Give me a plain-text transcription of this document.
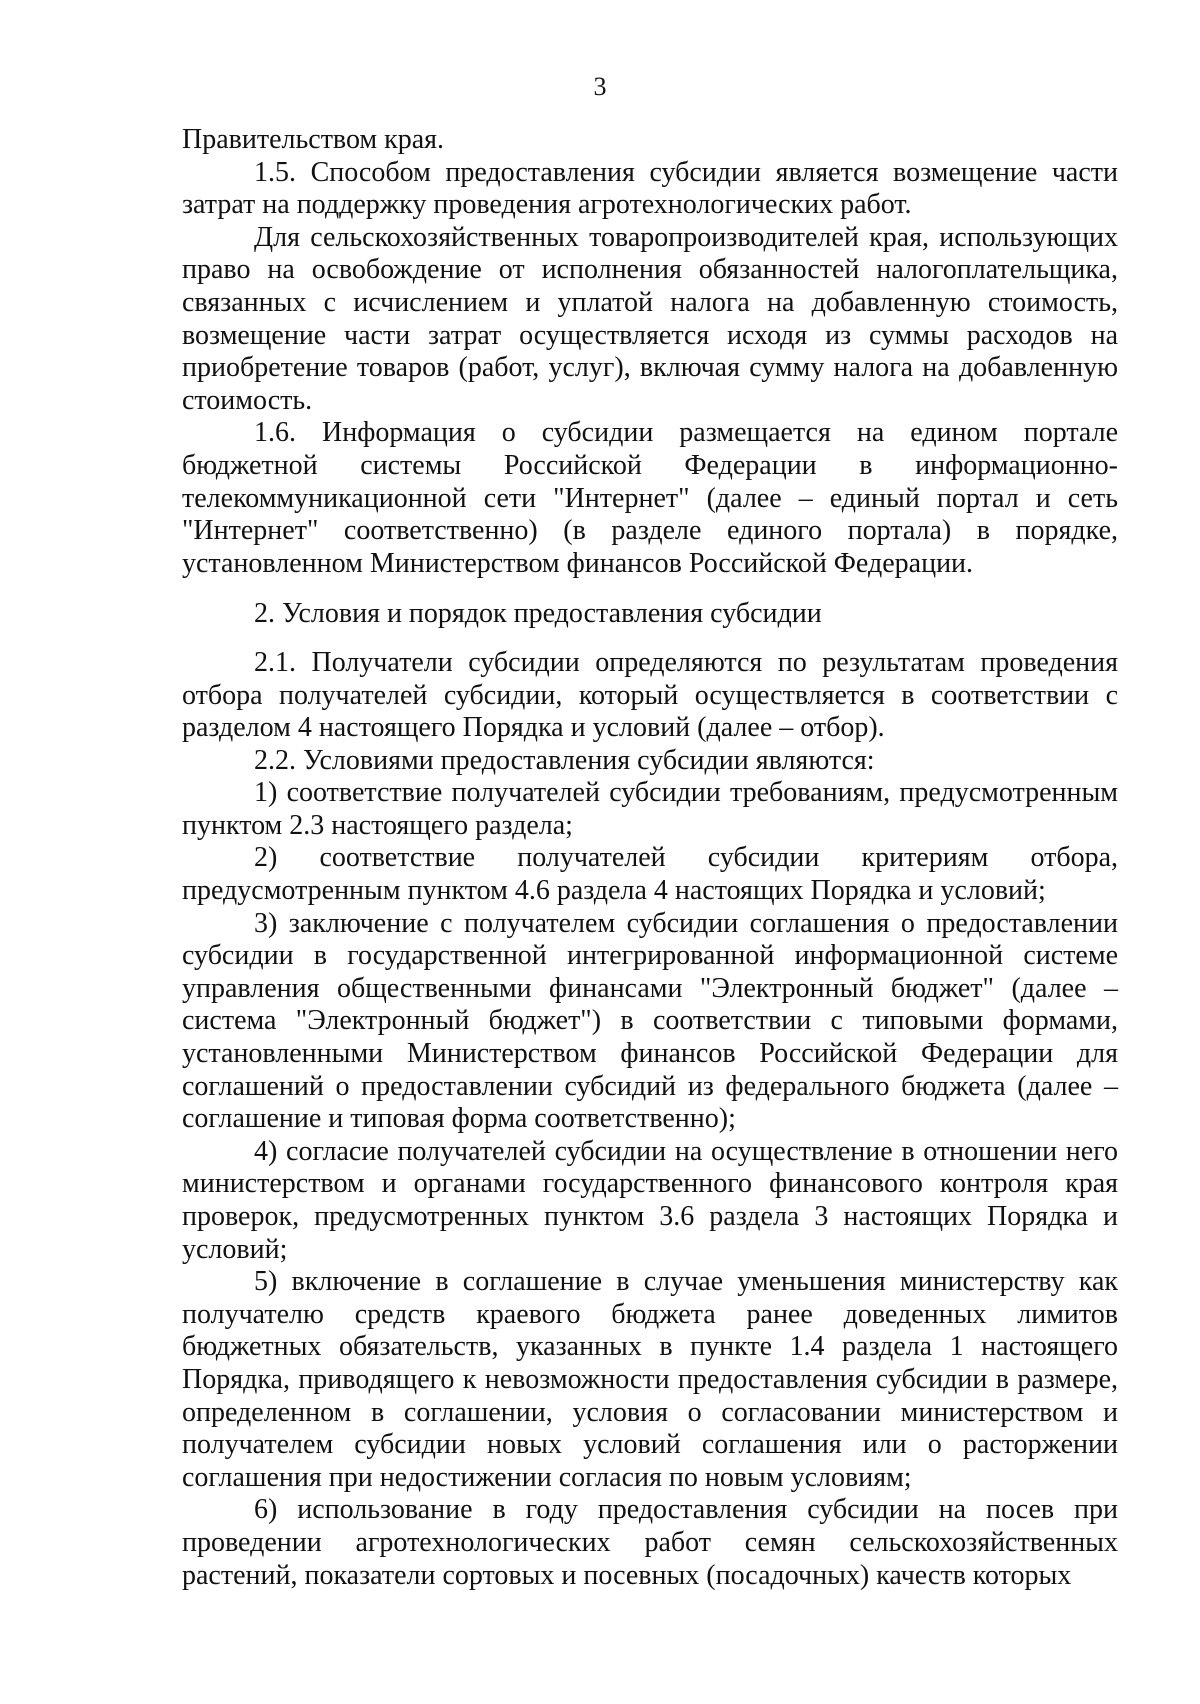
3

Правительством края.

1.5. Способом предоставления субсидии является возмещение части затрат на поддержку проведения агротехнологических работ.

Для сельскохозяйственных товаропроизводителей края, использующих право на освобождение от исполнения обязанностей налогоплательщика, связанных с исчислением и уплатой налога на добавленную стоимость, возмещение части затрат осуществляется исходя из суммы расходов на приобретение товаров (работ, услуг), включая сумму налога на добавленную стоимость.

1.6. Информация о субсидии размещается на едином портале бюджетной системы Российской Федерации в информационно-телекоммуникационной сети "Интернет" (далее – единый портал и сеть "Интернет" соответственно) (в разделе единого портала) в порядке, установленном Министерством финансов Российской Федерации.

2. Условия и порядок предоставления субсидии

2.1. Получатели субсидии определяются по результатам проведения отбора получателей субсидии, который осуществляется в соответствии с разделом 4 настоящего Порядка и условий (далее – отбор).

2.2. Условиями предоставления субсидии являются:

1) соответствие получателей субсидии требованиям, предусмотренным пунктом 2.3 настоящего раздела;

2) соответствие получателей субсидии критериям отбора, предусмотренным пунктом 4.6 раздела 4 настоящих Порядка и условий;

3) заключение с получателем субсидии соглашения о предоставлении субсидии в государственной интегрированной информационной системе управления общественными финансами "Электронный бюджет" (далее – система "Электронный бюджет") в соответствии с типовыми формами, установленными Министерством финансов Российской Федерации для соглашений о предоставлении субсидий из федерального бюджета (далее – соглашение и типовая форма соответственно);

4) согласие получателей субсидии на осуществление в отношении него министерством и органами государственного финансового контроля края проверок, предусмотренных пунктом 3.6 раздела 3 настоящих Порядка и условий;

5) включение в соглашение в случае уменьшения министерству как получателю средств краевого бюджета ранее доведенных лимитов бюджетных обязательств, указанных в пункте 1.4 раздела 1 настоящего Порядка, приводящего к невозможности предоставления субсидии в размере, определенном в соглашении, условия о согласовании министерством и получателем субсидии новых условий соглашения или о расторжении соглашения при недостижении согласия по новым условиям;

6) использование в году предоставления субсидии на посев при проведении агротехнологических работ семян сельскохозяйственных растений, показатели сортовых и посевных (посадочных) качеств которых
